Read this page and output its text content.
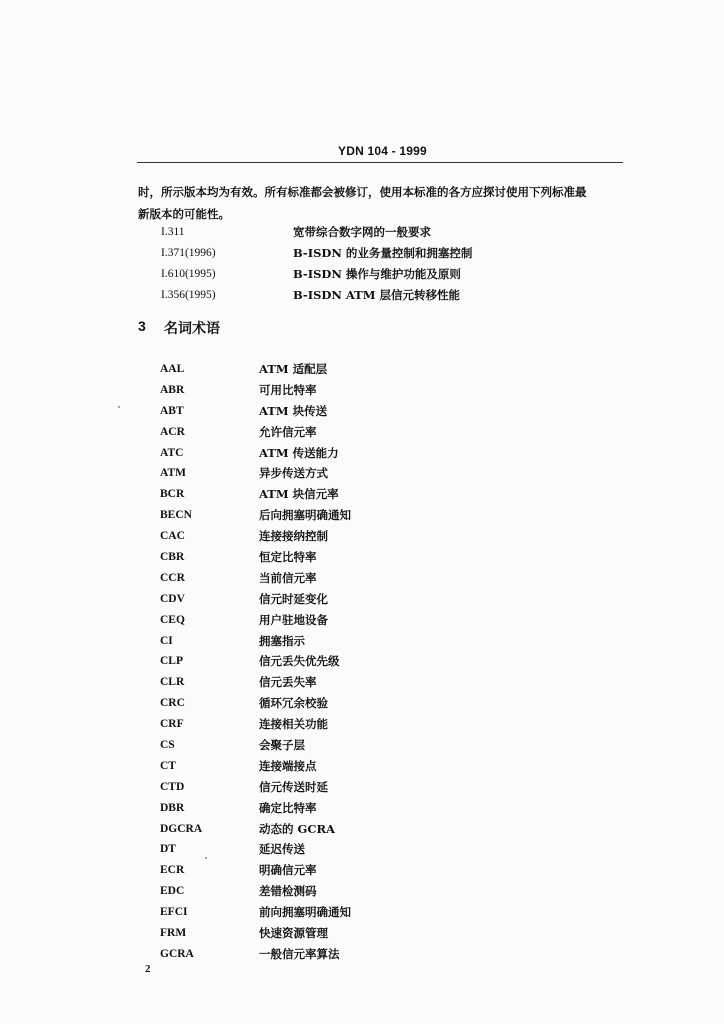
YDN 104 - 1999

时，所示版本均为有效。所有标准都会被修订，使用本标准的各方应探讨使用下列标准最

新版本的可能性。

I.311	宽带综合数字网的一般要求
I.371(1996)	B-ISDN 的业务量控制和拥塞控制
I.610(1995)	B-ISDN 操作与维护功能及原则
I.356(1995)	B-ISDN ATM 层信元转移性能
3	名词术语
AAL	ATM 适配层
ABR	可用比特率
ABT	ATM 块传送
ACR	允许信元率
ATC	ATM 传送能力
ATM	异步传送方式
BCR	ATM 块信元率
BECN	后向拥塞明确通知
CAC	连接接纳控制
CBR	恒定比特率
CCR	当前信元率
CDV	信元时延变化
CEQ	用户驻地设备
CI	拥塞指示
CLP	信元丢失优先级
CLR	信元丢失率
CRC	循环冗余校验
CRF	连接相关功能
CS	会聚子层
CT	连接端接点
CTD	信元传送时延
DBR	确定比特率
DGCRA	动态的 GCRA
DT	延迟传送
ECR	明确信元率
EDC	差错检测码
EFCI	前向拥塞明确通知
FRM	快速资源管理
GCRA	一般信元率算法
2
